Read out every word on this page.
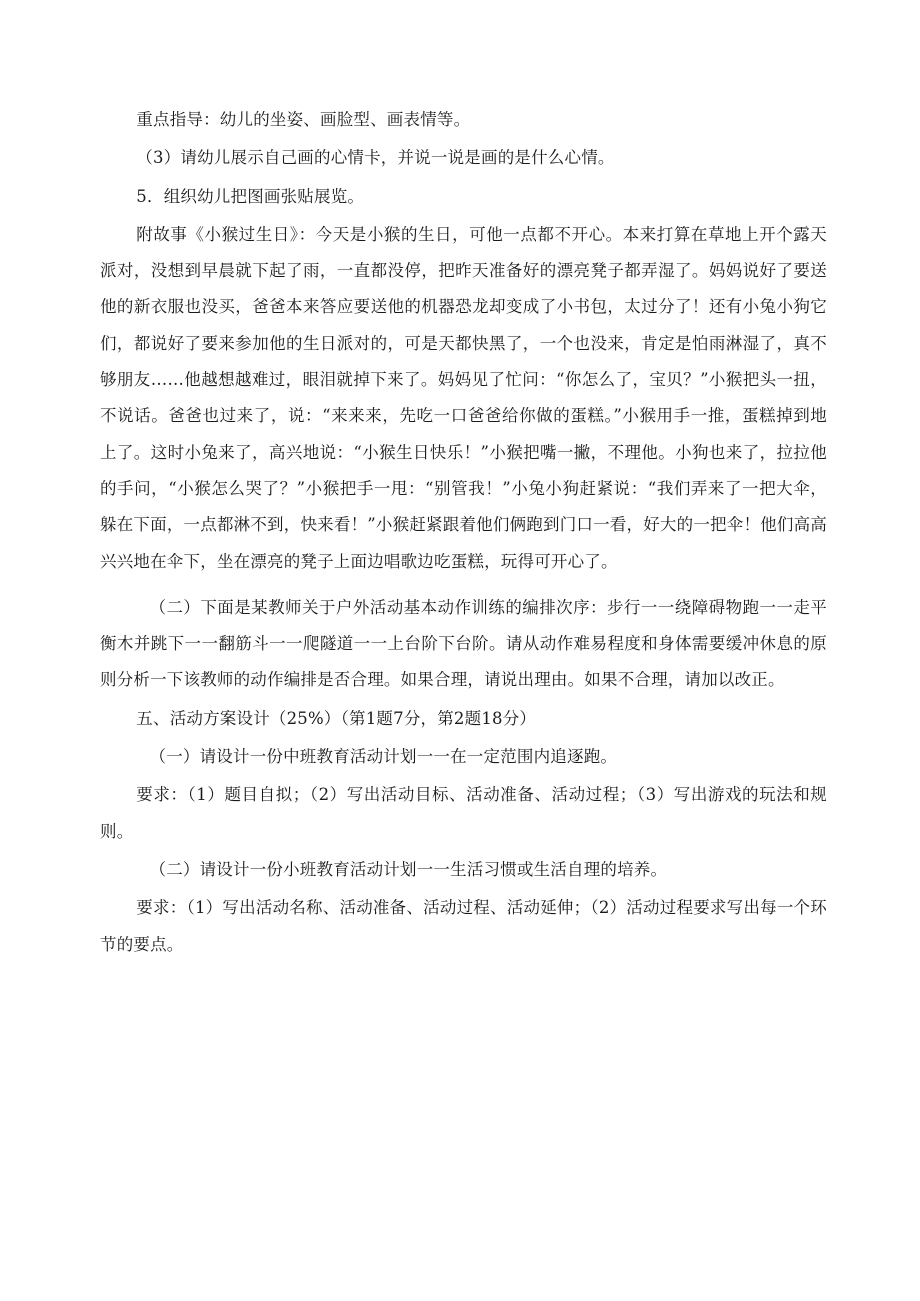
重点指导：幼儿的坐姿、画脸型、画表情等。

（3）请幼儿展示自己画的心情卡，并说一说是画的是什么心情。

5．组织幼儿把图画张贴展览。

附故事《小猴过生日》：今天是小猴的生日，可他一点都不开心。本来打算在草地上开个露天派对，没想到早晨就下起了雨，一直都没停，把昨天准备好的漂亮凳子都弄湿了。妈妈说好了要送他的新衣服也没买，爸爸本来答应要送他的机器恐龙却变成了小书包，太过分了！还有小兔小狗它们，都说好了要来参加他的生日派对的，可是天都快黑了，一个也没来，肯定是怕雨淋湿了，真不够朋友……他越想越难过，眼泪就掉下来了。妈妈见了忙问：“你怎么了，宝贝？”小猴把头一扭，不说话。爸爸也过来了，说：“来来来，先吃一口爸爸给你做的蛋糕。”小猴用手一推，蛋糕掉到地上了。这时小兔来了，高兴地说：“小猴生日快乐！”小猴把嘴一撇，不理他。小狗也来了，拉拉他的手问，“小猴怎么哭了？”小猴把手一甩：“别管我！”小兔小狗赶紧说：“我们弄来了一把大伞，躲在下面，一点都淋不到，快来看！”小猴赶紧跟着他们俩跑到门口一看，好大的一把伞！他们高高兴兴地在伞下，坐在漂亮的凳子上面边唱歌边吃蛋糕，玩得可开心了。

（二）下面是某教师关于户外活动基本动作训练的编排次序：步行一一绕障碍物跑一一走平衡木并跳下一一翻筋斗一一爬隧道一一上台阶下台阶。请从动作难易程度和身体需要缓冲休息的原则分析一下该教师的动作编排是否合理。如果合理，请说出理由。如果不合理，请加以改正。

五、活动方案设计（25%）（第1题7分，第2题18分）

（一）请设计一份中班教育活动计划一一在一定范围内追逐跑。

要求：（1）题目自拟；（2）写出活动目标、活动准备、活动过程；（3）写出游戏的玩法和规则。

（二）请设计一份小班教育活动计划一一生活习惯或生活自理的培养。

要求：（1）写出活动名称、活动准备、活动过程、活动延伸；（2）活动过程要求写出每一个环节的要点。
